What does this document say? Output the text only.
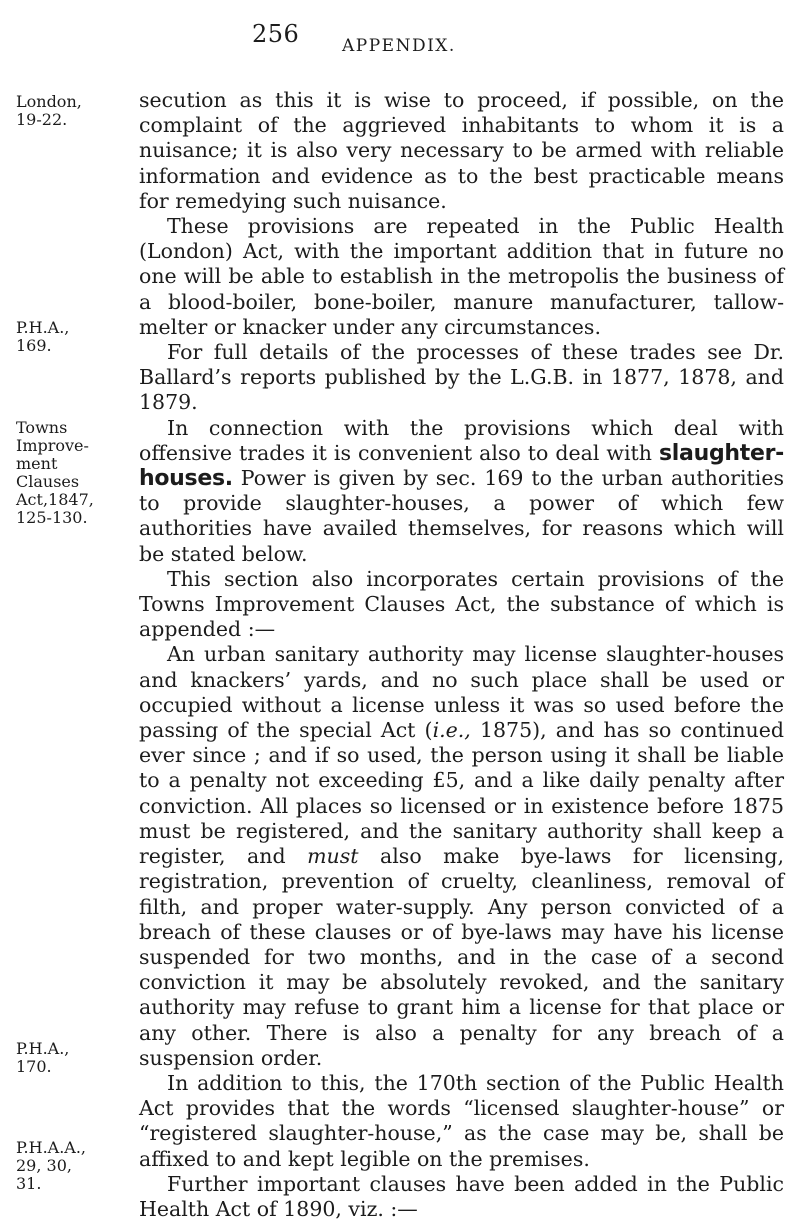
256	APPENDIX.
London,
19-22.
P.H.A.,
169.
Towns
Improve-
ment
Clauses
Act,1847,
125-130.
P.H.A.,
170.
P.H.A.A.,
29, 30,
31.

secution as this it is wise to proceed, if possible, on the complaint of the aggrieved inhabitants to whom it is a nuisance; it is also very necessary to be armed with reliable information and evidence as to the best practicable means for remedying such nuisance.

These provisions are repeated in the Public Health (London) Act, with the important addition that in future no one will be able to establish in the metropolis the business of a blood-boiler, bone-boiler, manure manufacturer, tallow-melter or knacker under any circumstances.

For full details of the processes of these trades see Dr. Ballard’s reports published by the L.G.B. in 1877, 1878, and 1879.

In connection with the provisions which deal with offensive trades it is convenient also to deal with slaughter-houses. Power is given by sec. 169 to the urban authorities to provide slaughter-houses, a power of which few authorities have availed themselves, for reasons which will be stated below.

This section also incorporates certain provisions of the Towns Improvement Clauses Act, the substance of which is appended :—

An urban sanitary authority may license slaughter-houses and knackers’ yards, and no such place shall be used or occupied without a license unless it was so used before the passing of the special Act (i.e., 1875), and has so continued ever since ; and if so used, the person using it shall be liable to a penalty not exceeding £5, and a like daily penalty after conviction. All places so licensed or in existence before 1875 must be registered, and the sanitary authority shall keep a register, and must also make bye-laws for licensing, registration, prevention of cruelty, cleanliness, removal of filth, and proper water-supply. Any person convicted of a breach of these clauses or of bye-laws may have his license suspended for two months, and in the case of a second conviction it may be absolutely revoked, and the sanitary authority may refuse to grant him a license for that place or any other. There is also a penalty for any breach of a suspension order.

In addition to this, the 170th section of the Public Health Act provides that the words “licensed slaughter-house” or “registered slaughter-house,” as the case may be, shall be affixed to and kept legible on the premises.

Further important clauses have been added in the Public Health Act of 1890, viz. :—
